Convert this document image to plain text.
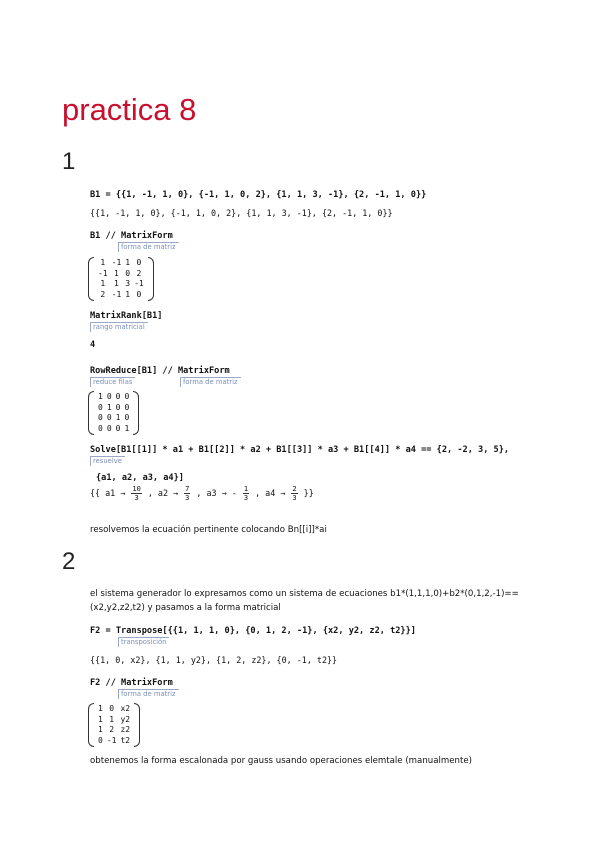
practica 8
1
B1 = {{1, -1, 1, 0}, {-1, 1, 0, 2}, {1, 1, 3, -1}, {2, -1, 1, 0}}
{{1, -1, 1, 0}, {-1, 1, 0, 2}, {1, 1, 3, -1}, {2, -1, 1, 0}}
B1 // MatrixForm
forma de matriz
1 -1 1 0
-1 1 0 2
1	1 3 -1
2 -1 1 0
MatrixRank[B1]
rango matricial
4
RowReduce[B1] // MatrixForm
reduce filas	forma de matriz
1 0 0 0
0 1 0 0
0 0 1 0
0 0 0 1
Solve[B1[[1]] * a1 + B1[[2]] * a2 + B1[[3]] * a3 + B1[[4]] * a4 == {2, -2, 3, 5},
resuelve
{a1, a2, a3, a4}]
{{ $a1 \to \frac{10}{3}$ , $a2 \to \frac{7}{3}$ , a3 → - $\frac{1}{3}$ , $a4 \to \frac{2}{3}$ }}
resolvemos la ecuación pertinente colocando Bn[[i]]*ai
2
el sistema generador lo expresamos como un sistema de ecuaciones b1*(1,1,1,0)+b2*(0,1,2,-1)==
(x2,y2,z2,t2) y pasamos a la forma matricial
F2 = Transpose[{{1, 1, 1, 0}, {0, 1, 2, -1}, {x2, y2, z2, t2}}]
transposición
{{1, 0, x2}, {1, 1, y2}, {1, 2, z2}, {0, -1, t2}}
F2 // MatrixForm
forma de matriz
1 0 x2
1 1 y2
1 2 z2
0 -1 t2
obtenemos la forma escalonada por gauss usando operaciones elemtale (manualmente)
